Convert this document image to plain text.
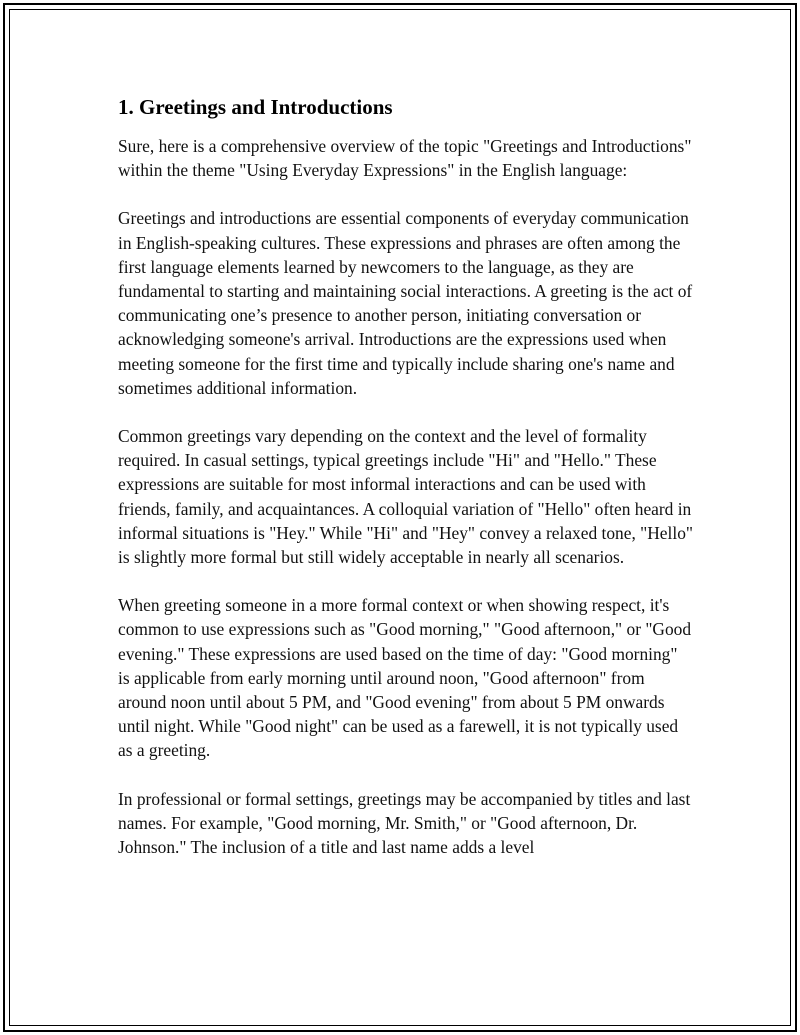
1. Greetings and Introductions

Sure, here is a comprehensive overview of the topic "Greetings and Introductions" within the theme "Using Everyday Expressions" in the English language:

Greetings and introductions are essential components of everyday communication in English-speaking cultures. These expressions and phrases are often among the first language elements learned by newcomers to the language, as they are fundamental to starting and maintaining social interactions. A greeting is the act of communicating one’s presence to another person, initiating conversation or acknowledging someone's arrival. Introductions are the expressions used when meeting someone for the first time and typically include sharing one's name and sometimes additional information.

Common greetings vary depending on the context and the level of formality required. In casual settings, typical greetings include "Hi" and "Hello." These expressions are suitable for most informal interactions and can be used with friends, family, and acquaintances. A colloquial variation of "Hello" often heard in informal situations is "Hey." While "Hi" and "Hey" convey a relaxed tone, "Hello" is slightly more formal but still widely acceptable in nearly all scenarios.

When greeting someone in a more formal context or when showing respect, it's common to use expressions such as "Good morning," "Good afternoon," or "Good evening." These expressions are used based on the time of day: "Good morning" is applicable from early morning until around noon, "Good afternoon" from around noon until about 5 PM, and "Good evening" from about 5 PM onwards until night. While "Good night" can be used as a farewell, it is not typically used as a greeting.

In professional or formal settings, greetings may be accompanied by titles and last names. For example, "Good morning, Mr. Smith," or "Good afternoon, Dr. Johnson." The inclusion of a title and last name adds a level
